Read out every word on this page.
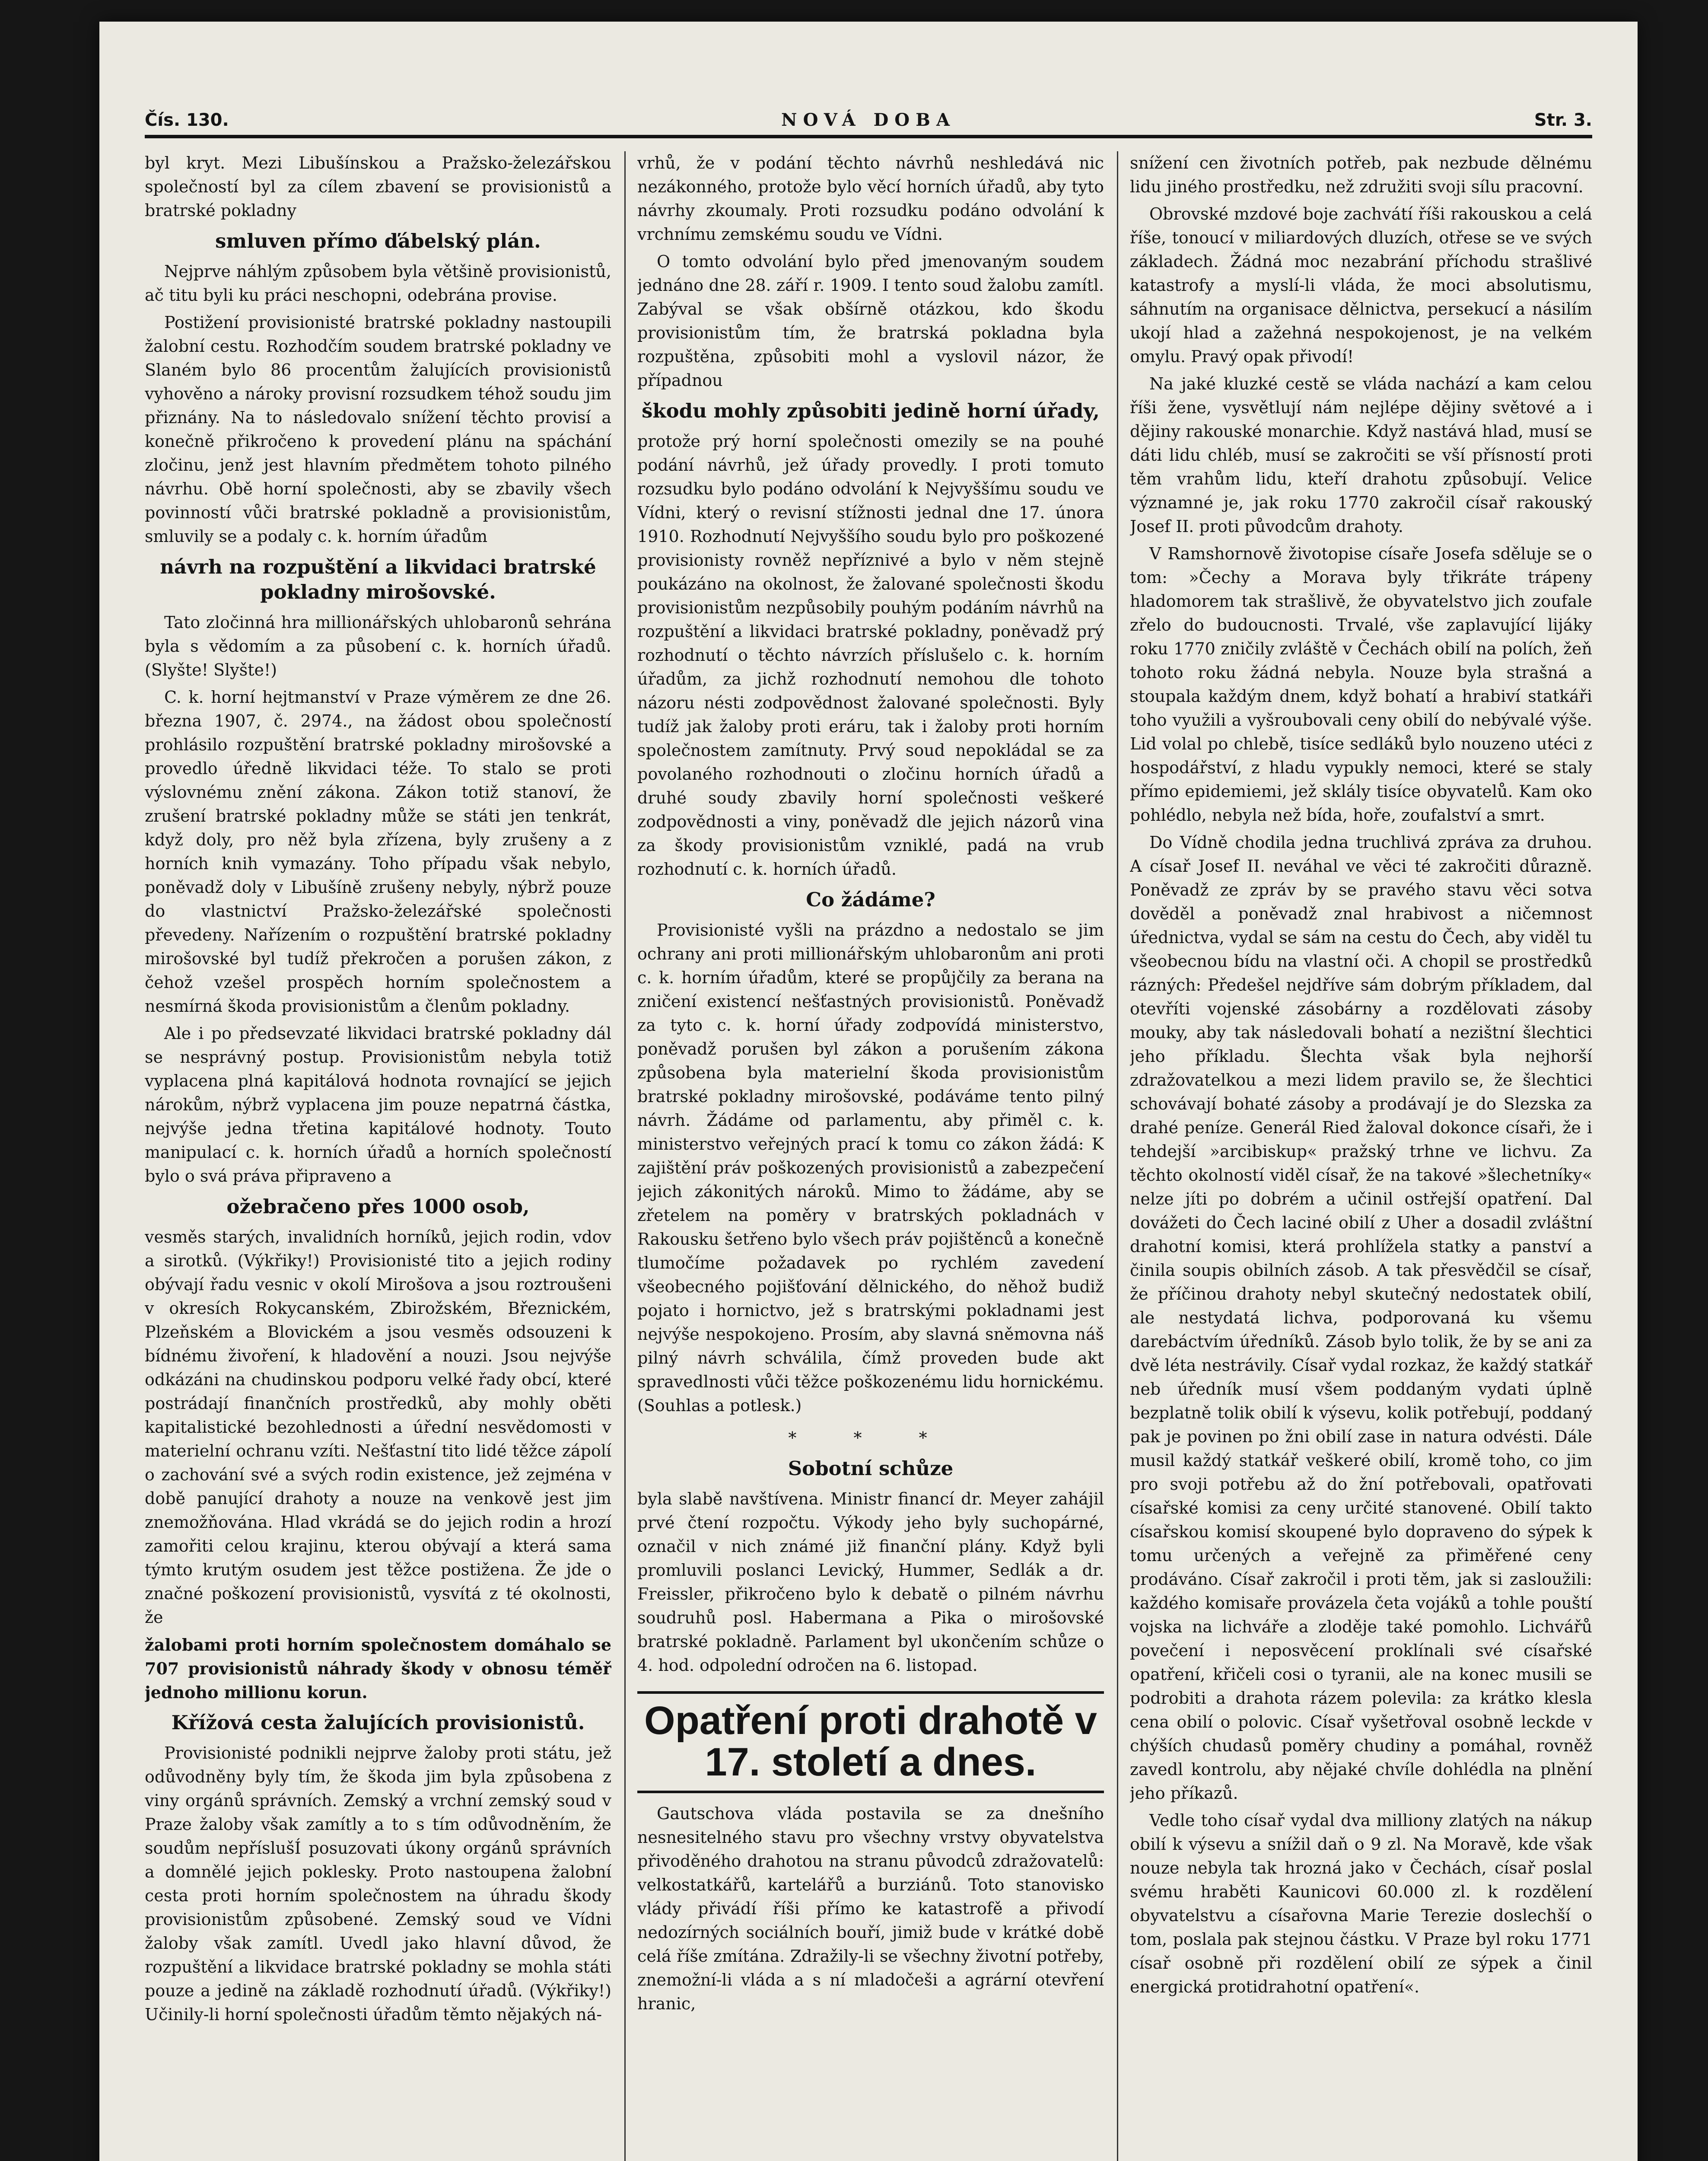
Čís. 130.	NOVÁ DOBA	Str. 3.

byl kryt. Mezi Libušínskou a Pražsko-železářskou společností byl za cílem zbavení se provisionistů a bratrské pokladny

smluven přímo ďábelský plán.

Nejprve náhlým způsobem byla většině provisionistů, ač titu byli ku práci neschopni, odebrána provise.

Postižení provisionisté bratrské pokladny nastoupili žalobní cestu. Rozhodčím soudem bratrské pokladny ve Slaném bylo 86 procentům žalujících provisionistů vyhověno a nároky provisní rozsudkem téhož soudu jim přiznány. Na to následovalo snížení těchto provisí a konečně přikročeno k provedení plánu na spáchání zločinu, jenž jest hlavním předmětem tohoto pilného návrhu. Obě horní společnosti, aby se zbavily všech povinností vůči bratrské pokladně a provisionistům, smluvily se a podaly c. k. horním úřadům

návrh na rozpuštění a likvidaci bratrské pokladny mirošovské.

Tato zločinná hra millionářských uhlobaronů sehrána byla s vědomím a za působení c. k. horních úřadů. (Slyšte! Slyšte!)

C. k. horní hejtmanství v Praze výměrem ze dne 26. března 1907, č. 2974., na žádost obou společností prohlásilo rozpuštění bratrské pokladny mirošovské a provedlo úředně likvidaci téže. To stalo se proti výslovnému znění zákona. Zákon totiž stanoví, že zrušení bratrské pokladny může se státi jen tenkrát, když doly, pro něž byla zřízena, byly zrušeny a z horních knih vymazány. Toho případu však nebylo, poněvadž doly v Libušíně zrušeny nebyly, nýbrž pouze do vlastnictví Pražsko-železářské společnosti převedeny. Nařízením o rozpuštění bratrské pokladny mirošovské byl tudíž překročen a porušen zákon, z čehož vzešel prospěch horním společnostem a nesmírná škoda provisionistům a členům pokladny.

Ale i po předsevzaté likvidaci bratrské pokladny dál se nesprávný postup. Provisionistům nebyla totiž vyplacena plná kapitálová hodnota rovnající se jejich nárokům, nýbrž vyplacena jim pouze nepatrná částka, nejvýše jedna třetina kapitálové hodnoty. Touto manipulací c. k. horních úřadů a horních společností bylo o svá práva připraveno a

ožebračeno přes 1000 osob,

vesměs starých, invalidních horníků, jejich rodin, vdov a sirotků. (Výkřiky!) Provisionisté tito a jejich rodiny obývají řadu vesnic v okolí Mirošova a jsou roztroušeni v okresích Rokycanském, Zbirožském, Březnickém, Plzeňském a Blovickém a jsou vesměs odsouzeni k bídnému živoření, k hladovění a nouzi. Jsou nejvýše odkázáni na chudinskou podporu velké řady obcí, které postrádají finančních prostředků, aby mohly oběti kapitalistické bezohlednosti a úřední nesvědomosti v materielní ochranu vzíti. Nešťastní tito lidé těžce zápolí o zachování své a svých rodin existence, jež zejména v době panující drahoty a nouze na venkově jest jim znemožňována. Hlad vkrádá se do jejich rodin a hrozí zamořiti celou krajinu, kterou obývají a která sama týmto krutým osudem jest těžce postižena. Že jde o značné poškození provisionistů, vysvítá z té okolnosti, že

žalobami proti horním společnostem domáhalo se 707 provisionistů náhrady škody v obnosu téměř jednoho millionu korun.

Křížová cesta žalujících provisionistů.

Provisionisté podnikli nejprve žaloby proti státu, jež odůvodněny byly tím, že škoda jim byla způsobena z viny orgánů správních. Zemský a vrchní zemský soud v Praze žaloby však zamítly a to s tím odůvodněním, že soudům nepříslušÍ posuzovati úkony orgánů správních a domnělé jejich poklesky. Proto nastoupena žalobní cesta proti horním společnostem na úhradu škody provisionistům způsobené. Zemský soud ve Vídni žaloby však zamítl. Uvedl jako hlavní důvod, že rozpuštění a likvidace bratrské pokladny se mohla státi pouze a jedině na základě rozhodnutí úřadů. (Výkřiky!) Učinily-li horní společnosti úřadům těmto nějakých ná-

vrhů, že v podání těchto návrhů neshledává nic nezákonného, protože bylo věcí horních úřadů, aby tyto návrhy zkoumaly. Proti rozsudku podáno odvolání k vrchnímu zemskému soudu ve Vídni.

O tomto odvolání bylo před jmenovaným soudem jednáno dne 28. září r. 1909. I tento soud žalobu zamítl. Zabýval se však obšírně otázkou, kdo škodu provisionistům tím, že bratrská pokladna byla rozpuštěna, způsobiti mohl a vyslovil názor, že případnou

škodu mohly způsobiti jedině horní úřady,

protože prý horní společnosti omezily se na pouhé podání návrhů, jež úřady provedly. I proti tomuto rozsudku bylo podáno odvolání k Nejvyššímu soudu ve Vídni, který o revisní stížnosti jednal dne 17. února 1910. Rozhodnutí Nejvyššího soudu bylo pro poškozené provisionisty rovněž nepříznivé a bylo v něm stejně poukázáno na okolnost, že žalované společnosti škodu provisionistům nezpůsobily pouhým podáním návrhů na rozpuštění a likvidaci bratrské pokladny, poněvadž prý rozhodnutí o těchto návrzích příslušelo c. k. horním úřadům, za jichž rozhodnutí nemohou dle tohoto názoru nésti zodpovědnost žalované společnosti. Byly tudíž jak žaloby proti eráru, tak i žaloby proti horním společnostem zamítnuty. Prvý soud nepokládal se za povolaného rozhodnouti o zločinu horních úřadů a druhé soudy zbavily horní společnosti veškeré zodpovědnosti a viny, poněvadž dle jejich názorů vina za škody provisionistům vzniklé, padá na vrub rozhodnutí c. k. horních úřadů.

Co žádáme?

Provisionisté vyšli na prázdno a nedostalo se jim ochrany ani proti millionářským uhlobaronům ani proti c. k. horním úřadům, které se propůjčily za berana na zničení existencí nešťastných provisionistů. Poněvadž za tyto c. k. horní úřady zodpovídá ministerstvo, poněvadž porušen byl zákon a porušením zákona způsobena byla materielní škoda provisionistům bratrské pokladny mirošovské, podáváme tento pilný návrh. Žádáme od parlamentu, aby přiměl c. k. ministerstvo veřejných prací k tomu co zákon žádá: K zajištění práv poškozených provisionistů a zabezpečení jejich zákonitých nároků. Mimo to žádáme, aby se zřetelem na poměry v bratrských pokladnách v Rakousku šetřeno bylo všech práv pojištěnců a konečně tlumočíme požadavek po rychlém zavedení všeobecného pojišťování dělnického, do něhož budiž pojato i hornictvo, jež s bratrskými pokladnami jest nejvýše nespokojeno. Prosím, aby slavná sněmovna náš pilný návrh schválila, čímž proveden bude akt spravedlnosti vůči těžce poškozenému lidu hornickému. (Souhlas a potlesk.)

* * *
Sobotní schůze

byla slabě navštívena. Ministr financí dr. Meyer zahájil prvé čtení rozpočtu. Výkody jeho byly suchopárné, označil v nich známé již finanční plány. Když byli promluvili poslanci Levický, Hummer, Sedlák a dr. Freissler, přikročeno bylo k debatě o pilném návrhu soudruhů posl. Habermana a Pika o mirošovské bratrské pokladně. Parlament byl ukončením schůze o 4. hod. odpolední odročen na 6. listopad.

Opatření proti drahotě v 17. století a dnes.

Gautschova vláda postavila se za dnešního nesnesitelného stavu pro všechny vrstvy obyvatelstva přivoděného drahotou na stranu původců zdražovatelů: velkostatkářů, kartelářů a burziánů. Toto stanovisko vlády přivádí říši přímo ke katastrofě a přivodí nedozírných sociálních bouří, jimiž bude v krátké době celá říše zmítána. Zdražily-li se všechny životní potřeby, znemožní-li vláda a s ní mladočeši a agrární otevření hranic,

snížení cen životních potřeb, pak nezbude dělnému lidu jiného prostředku, než združiti svoji sílu pracovní.

Obrovské mzdové boje zachvátí říši rakouskou a celá říše, tonoucí v miliardových dluzích, otřese se ve svých základech. Žádná moc nezabrání příchodu strašlivé katastrofy a myslí-li vláda, že moci absolutismu, sáhnutím na organisace dělnictva, persekucí a násilím ukojí hlad a zažehná nespokojenost, je na velkém omylu. Pravý opak přivodí!

Na jaké kluzké cestě se vláda nachází a kam celou říši žene, vysvětlují nám nejlépe dějiny světové a i dějiny rakouské monarchie. Když nastává hlad, musí se dáti lidu chléb, musí se zakročiti se vší přísností proti těm vrahům lidu, kteří drahotu způsobují. Velice významné je, jak roku 1770 zakročil císař rakouský Josef II. proti původcům drahoty.

V Ramshornově životopise císaře Josefa sděluje se o tom: »Čechy a Morava byly třikráte trápeny hladomorem tak strašlivě, že obyvatelstvo jich zoufale zřelo do budoucnosti. Trvalé, vše zaplavující lijáky roku 1770 zničily zvláště v Čechách obilí na polích, žeň tohoto roku žádná nebyla. Nouze byla strašná a stoupala každým dnem, když bohatí a hrabiví statkáři toho využili a vyšroubovali ceny obilí do nebývalé výše. Lid volal po chlebě, tisíce sedláků bylo nouzeno utéci z hospodářství, z hladu vypukly nemoci, které se staly přímo epidemiemi, jež sklály tisíce obyvatelů. Kam oko pohlédlo, nebyla než bída, hoře, zoufalství a smrt.

Do Vídně chodila jedna truchlivá zpráva za druhou. A císař Josef II. neváhal ve věci té zakročiti důrazně. Poněvadž ze zpráv by se pravého stavu věci sotva dověděl a poněvadž znal hrabivost a ničemnost úřednictva, vydal se sám na cestu do Čech, aby viděl tu všeobecnou bídu na vlastní oči. A chopil se prostředků rázných: Předešel nejdříve sám dobrým příkladem, dal otevříti vojenské zásobárny a rozdělovati zásoby mouky, aby tak následovali bohatí a nezištní šlechtici jeho příkladu. Šlechta však byla nejhorší zdražovatelkou a mezi lidem pravilo se, že šlechtici schovávají bohaté zásoby a prodávají je do Slezska za drahé peníze. Generál Ried žaloval dokonce císaři, že i tehdejší »arcibiskup« pražský trhne ve lichvu. Za těchto okolností viděl císař, že na takové »šlechetníky« nelze jíti po dobrém a učinil ostřejší opatření. Dal dovážeti do Čech laciné obilí z Uher a dosadil zvláštní drahotní komisi, která prohlížela statky a panství a činila soupis obilních zásob. A tak přesvědčil se císař, že příčinou drahoty nebyl skutečný nedostatek obilí, ale nestydatá lichva, podporovaná ku všemu darebáctvím úředníků. Zásob bylo tolik, že by se ani za dvě léta nestrávily. Císař vydal rozkaz, že každý statkář neb úředník musí všem poddaným vydati úplně bezplatně tolik obilí k výsevu, kolik potřebují, poddaný pak je povinen po žni obilí zase in natura odvésti. Dále musil každý statkář veškeré obilí, kromě toho, co jim pro svoji potřebu až do žní potřebovali, opatřovati císařské komisi za ceny určité stanovené. Obilí takto císařskou komisí skoupené bylo dopraveno do sýpek k tomu určených a veřejně za přiměřené ceny prodáváno. Císař zakročil i proti těm, jak si zasloužili: každého komisaře provázela četa vojáků a tohle pouští vojska na lichváře a zloděje také pomohlo. Lichvářů povečení i neposvěcení proklínali své císařské opatření, křičeli cosi o tyranii, ale na konec musili se podrobiti a drahota rázem polevila: za krátko klesla cena obilí o polovic. Císař vyšetřoval osobně leckde v chýších chudasů poměry chudiny a pomáhal, rovněž zavedl kontrolu, aby nějaké chvíle dohlédla na plnění jeho příkazů.

Vedle toho císař vydal dva milliony zlatých na nákup obilí k výsevu a snížil daň o 9 zl. Na Moravě, kde však nouze nebyla tak hrozná jako v Čechách, císař poslal svému hraběti Kaunicovi 60.000 zl. k rozdělení obyvatelstvu a císařovna Marie Terezie doslechší o tom, poslala pak stejnou částku. V Praze byl roku 1771 císař osobně při rozdělení obilí ze sýpek a činil energická protidrahotní opatření«.
